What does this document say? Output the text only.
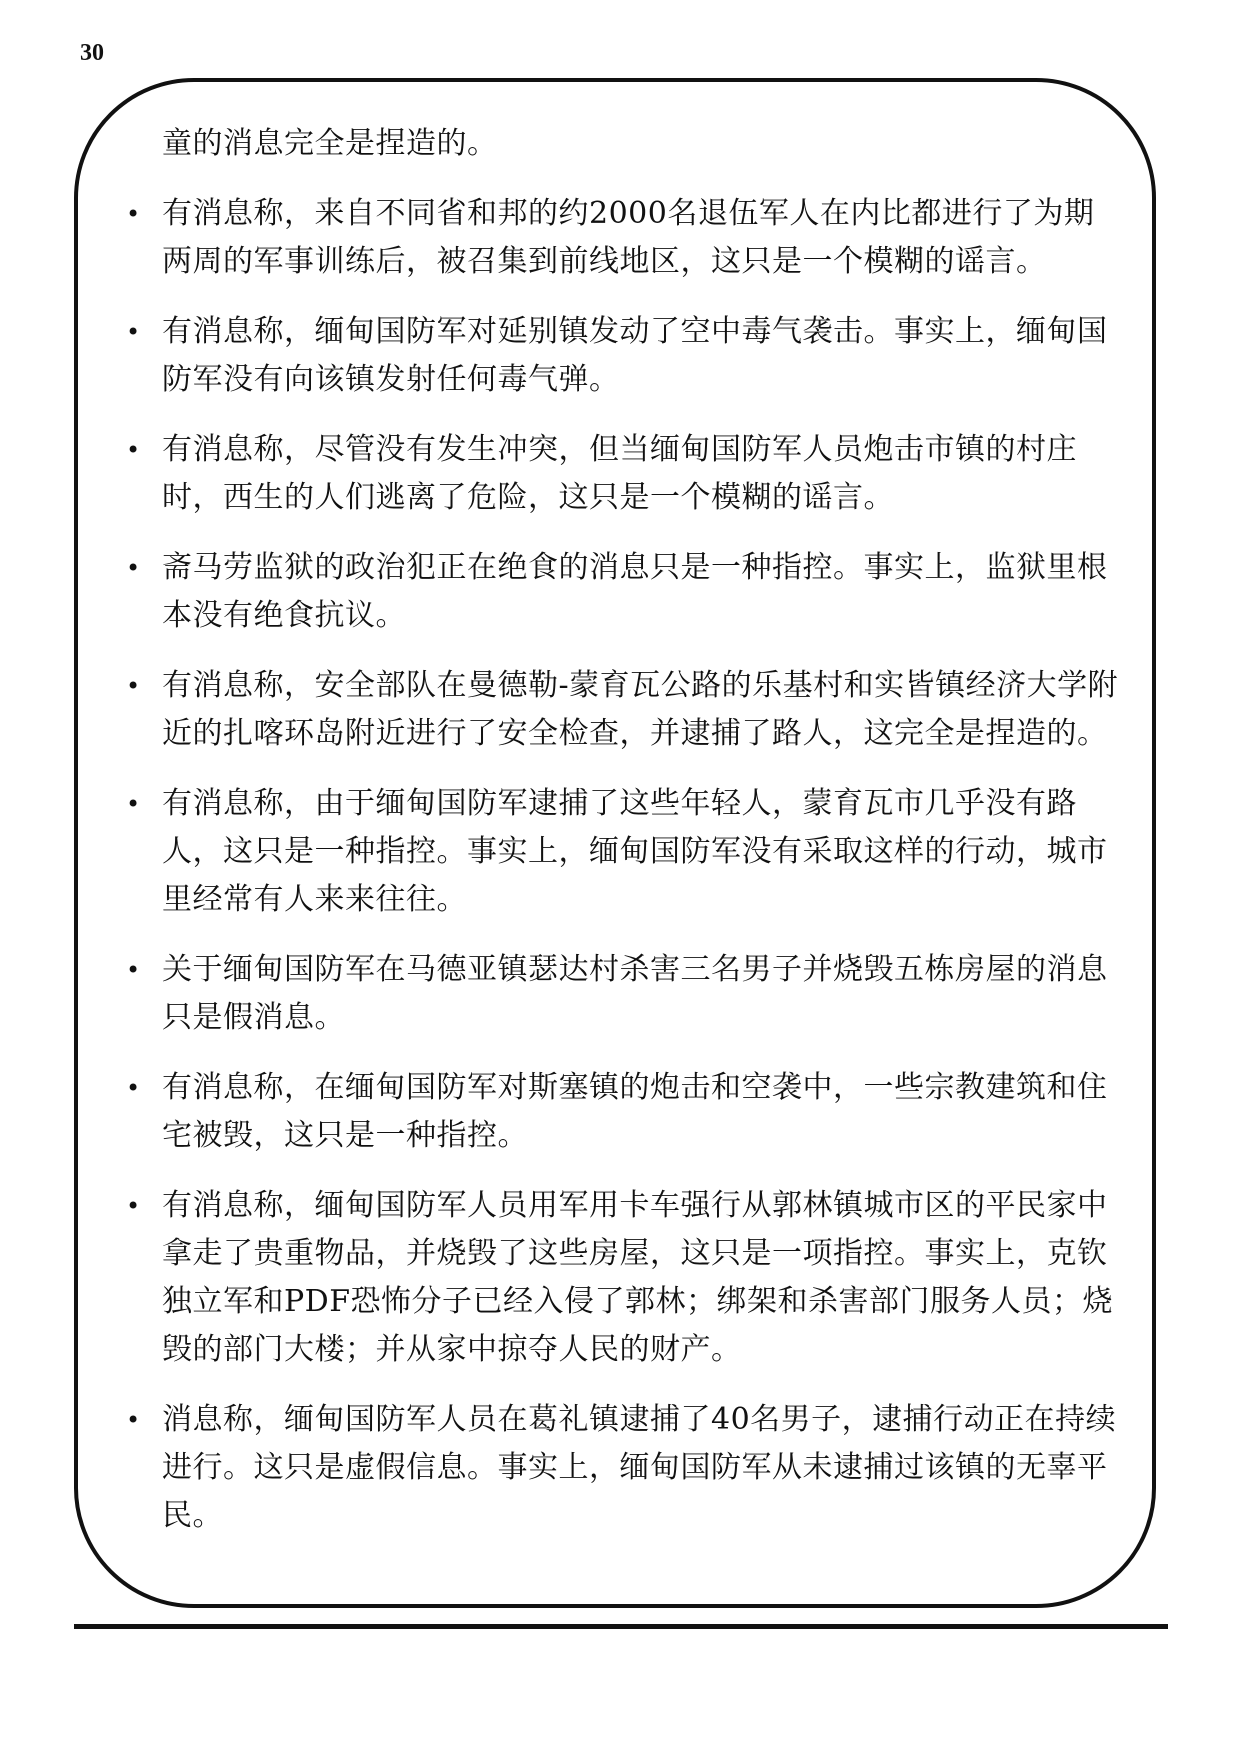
30
童的消息完全是捏造的。
• 有消息称，来自不同省和邦的约2000名退伍军人在内比都进行了为期两周的军事训练后，被召集到前线地区，这只是一个模糊的谣言。
• 有消息称，缅甸国防军对延别镇发动了空中毒气袭击。事实上，缅甸国防军没有向该镇发射任何毒气弹。
• 有消息称，尽管没有发生冲突，但当缅甸国防军人员炮击市镇的村庄时，西生的人们逃离了危险，这只是一个模糊的谣言。
• 斋马劳监狱的政治犯正在绝食的消息只是一种指控。事实上，监狱里根本没有绝食抗议。
• 有消息称，安全部队在曼德勒-蒙育瓦公路的乐基村和实皆镇经济大学附近的扎喀环岛附近进行了安全检查，并逮捕了路人，这完全是捏造的。
• 有消息称，由于缅甸国防军逮捕了这些年轻人，蒙育瓦市几乎没有路人，这只是一种指控。事实上，缅甸国防军没有采取这样的行动，城市里经常有人来来往往。
• 关于缅甸国防军在马德亚镇瑟达村杀害三名男子并烧毁五栋房屋的消息只是假消息。
• 有消息称，在缅甸国防军对斯塞镇的炮击和空袭中，一些宗教建筑和住宅被毁，这只是一种指控。
• 有消息称，缅甸国防军人员用军用卡车强行从郭林镇城市区的平民家中拿走了贵重物品，并烧毁了这些房屋，这只是一项指控。事实上，克钦独立军和PDF恐怖分子已经入侵了郭林；绑架和杀害部门服务人员；烧毁的部门大楼；并从家中掠夺人民的财产。
• 消息称，缅甸国防军人员在葛礼镇逮捕了40名男子，逮捕行动正在持续进行。这只是虚假信息。事实上，缅甸国防军从未逮捕过该镇的无辜平民。
